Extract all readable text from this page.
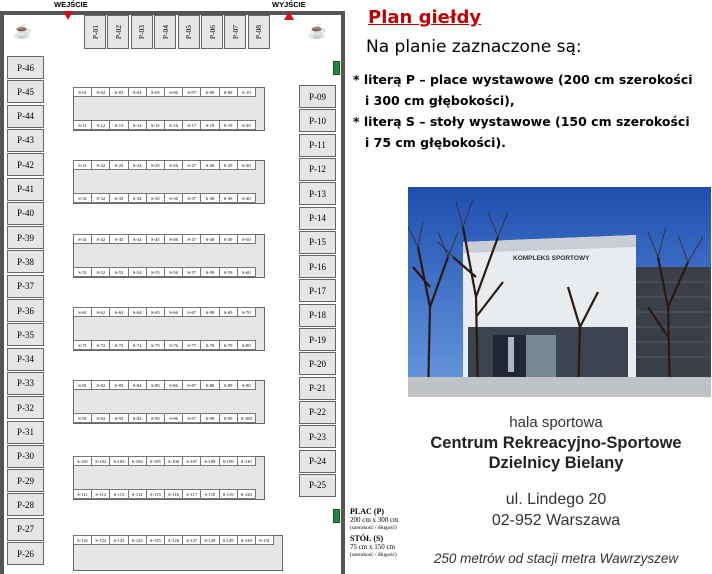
WEJŚCIE	WYJŚCIE
☕	☕
P-01 P-02 P-03 P-04 P-05 P-06 P-07 P-08
P-46
P-45
P-44
P-43
P-42
P-41
P-40
P-39
P-38
P-37
P-36
P-35
P-34
P-33
P-32
P-31
P-30
P-29
P-28
P-27
P-26
P-09
P-10
P-11
P-12
P-13
P-14
P-15
P-16
P-17
P-18
P-19
P-20
P-21
P-22
P-23
P-24
P-25
S-01	S-02	S-03	S-04	S-05	S-06	S-07	S-08	S-09	S-10
S-11	S-12	S-13	S-14	S-15	S-16	S-17	S-18	S-19	S-20
S-21	S-22	S-23	S-24	S-25	S-26	S-27	S-28	S-29	S-30
S-31	S-32	S-33	S-34	S-35	S-36	S-37	S-38	S-39	S-40
S-41	S-42	S-43	S-44	S-45	S-46	S-47	S-48	S-49	S-50
S-51	S-52	S-53	S-54	S-55	S-56	S-57	S-58	S-59	S-60
S-61	S-62	S-63	S-64	S-65	S-66	S-67	S-08	S-69	S-70
S-71	S-72	S-73	S-74	S-75	S-76	S-77	S-78	S-79	S-80
S-81	S-82	S-83	S-84	S-85	S-86	S-87	S-88	S-89	S-90
S-91	S-92	S-93	S-94	S-95	S-96	S-97	S-98	S-99	S-100
S-101	S-102	S-103	S-104	S-105	S-106	S-107	S-108	S-109	S-110
S-111	S-112	S-113	S-114	S-115	S-116	S-117	S-118	S-119	S-120
S-121	S-122	S-123	S-124	S-125	S-126	S-127	S-128	S-129	S-130	S-131
PLAC (P)
200 cm x 300 cm
(szerokość / długość)
STÓŁ (S)
75 cm x 150 cm
(szerokość / długość)
Plan giełdy
Na planie zaznaczone są:
* literą P – place wystawowe (200 cm szerokości
i 300 cm głębokości),
* literą S – stoły wystawowe (150 cm szerokości
i 75 cm głębokości).
KOMPLEKS SPORTOWY
hala sportowa
Centrum Rekreacyjno-Sportowe
Dzielnicy Bielany
ul. Lindego 20
02-952 Warszawa
250 metrów od stacji metra Wawrzyszew
